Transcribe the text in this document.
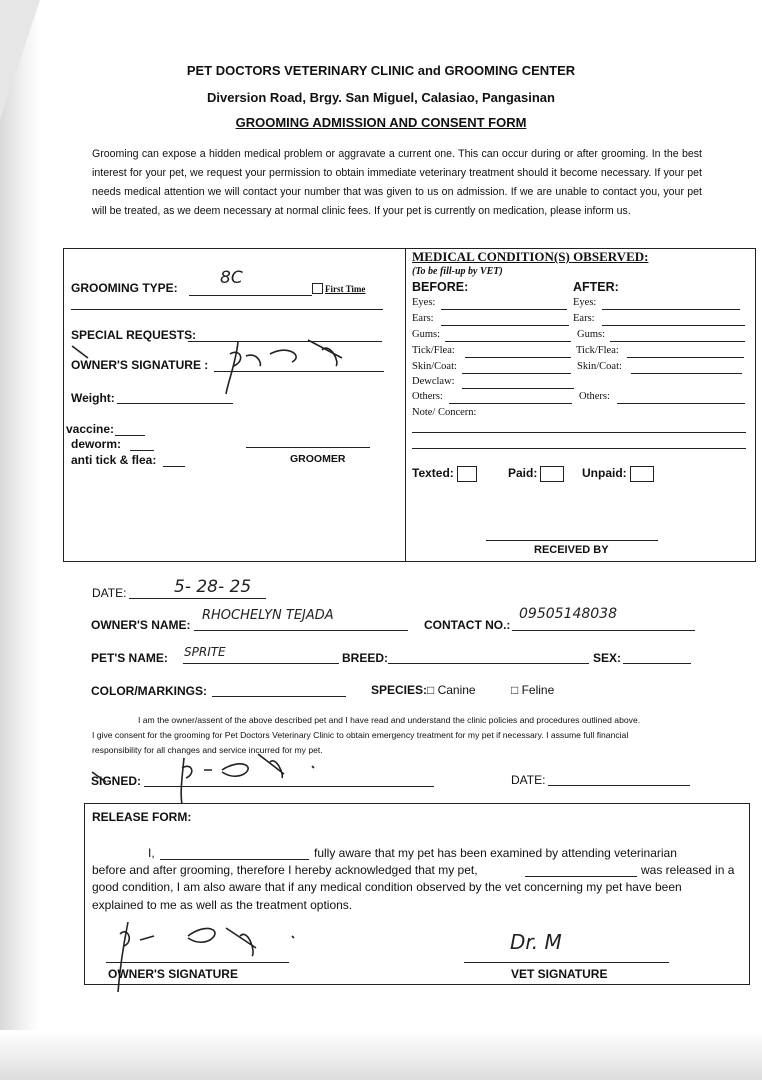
PET DOCTORS VETERINARY CLINIC and GROOMING CENTER
Diversion Road, Brgy. San Miguel, Calasiao, Pangasinan
GROOMING ADMISSION AND CONSENT FORM
Grooming can expose a hidden medical problem or aggravate a current one. This can occur during or after grooming. In the best interest for your pet, we request your permission to obtain immediate veterinary treatment should it become necessary. If your pet needs medical attention we will contact your number that was given to us on admission. If we are unable to contact you, your pet will be treated, as we deem necessary at normal clinic fees. If your pet is currently on medication, please inform us.
GROOMING TYPE: 8C
First Time
SPECIAL REQUESTS:
OWNER'S SIGNATURE :
Weight:
vaccine:
deworm:
anti tick & flea:	GROOMER
MEDICAL CONDITION(S) OBSERVED:
(To be fill-up by VET)
BEFORE:	AFTER:
Eyes:	Eyes:
Ears:	Ears:
Gums:	Gums:
Tick/Flea:	Tick/Flea:
Skin/Coat:	Skin/Coat:
Dewclaw:
Others:	Others:
Note/ Concern:
Texted:	Paid:	Unpaid:
RECEIVED BY
DATE:	5- 28- 25
OWNER'S NAME:
RHOCHELYN TEJADA
CONTACT NO.:
09505148038
PET'S NAME: SPRITE	BREED:	SEX:
COLOR/MARKINGS:	SPECIES: □ Canine	□ Feline
I am the owner/assent of the above described pet and I have read and understand the clinic policies and procedures outlined above.
I give consent for the grooming for Pet Doctors Veterinary Clinic to obtain emergency treatment for my pet if necessary. I assume full financial
responsibility for all changes and service incurred for my pet.
SIGNED:	DATE:
RELEASE FORM:
I,	fully aware that my pet has been examined by attending veterinarian
before and after grooming, therefore I hereby acknowledged that my pet,	was released in a
good condition, I am also aware that if any medical condition observed by the vet concerning my pet have been
explained to me as well as the treatment options.
OWNER'S SIGNATURE
Dr. M
VET SIGNATURE
